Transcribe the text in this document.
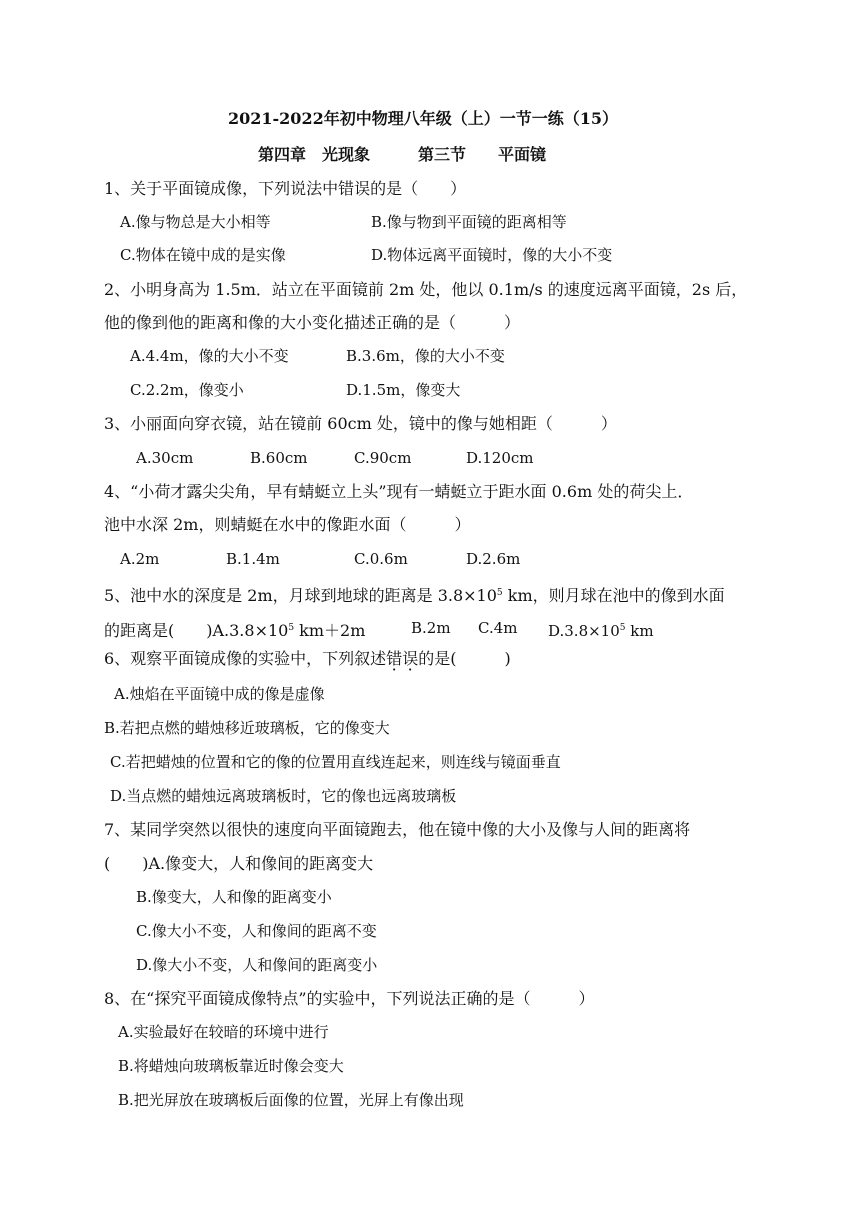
2021-2022年初中物理八年级（上）一节一练（15）
第四章　光现象　　　第三节　　平面镜
1、关于平面镜成像，下列说法中错误的是（　　）
A.像与物总是大小相等	B.像与物到平面镜的距离相等
C.物体在镜中成的是实像	D.物体远离平面镜时，像的大小不变
2、小明身高为 1.5m．站立在平面镜前 2m 处，他以 0.1m/s 的速度远离平面镜，2s 后，
他的像到他的距离和像的大小变化描述正确的是（　　　）
A.4.4m，像的大小不变	B.3.6m，像的大小不变
C.2.2m，像变小	D.1.5m，像变大
3、小丽面向穿衣镜，站在镜前 60cm 处，镜中的像与她相距（　　　）
A.30cm	B.60cm	C.90cm	D.120cm
4、“小荷才露尖尖角，早有蜻蜓立上头”现有一蜻蜓立于距水面 0.6m 处的荷尖上．
池中水深 2m，则蜻蜓在水中的像距水面（　　　）
A.2m	B.1.4m	C.0.6m	D.2.6m
5、池中水的深度是 2m，月球到地球的距离是 $3.8\times 10^5$ km，则月球在池中的像到水面
的距离是(　　)$A.3.8\times 10^5$ km＋2m	B.2m C.4m $D.3.8\times 10^5$ km
6、观察平面镜成像的实验中，下列叙述错误的是(　　　)
A.烛焰在平面镜中成的像是虚像
B.若把点燃的蜡烛移近玻璃板，它的像变大
C.若把蜡烛的位置和它的像的位置用直线连起来，则连线与镜面垂直
D.当点燃的蜡烛远离玻璃板时，它的像也远离玻璃板
7、某同学突然以很快的速度向平面镜跑去，他在镜中像的大小及像与人间的距离将
(　　)A.像变大，人和像间的距离变大
B.像变大，人和像的距离变小
C.像大小不变，人和像间的距离不变
D.像大小不变，人和像间的距离变小
8、在“探究平面镜成像特点”的实验中，下列说法正确的是（　　　）
A.实验最好在较暗的环境中进行
B.将蜡烛向玻璃板靠近时像会变大
B.把光屏放在玻璃板后面像的位置，光屏上有像出现
